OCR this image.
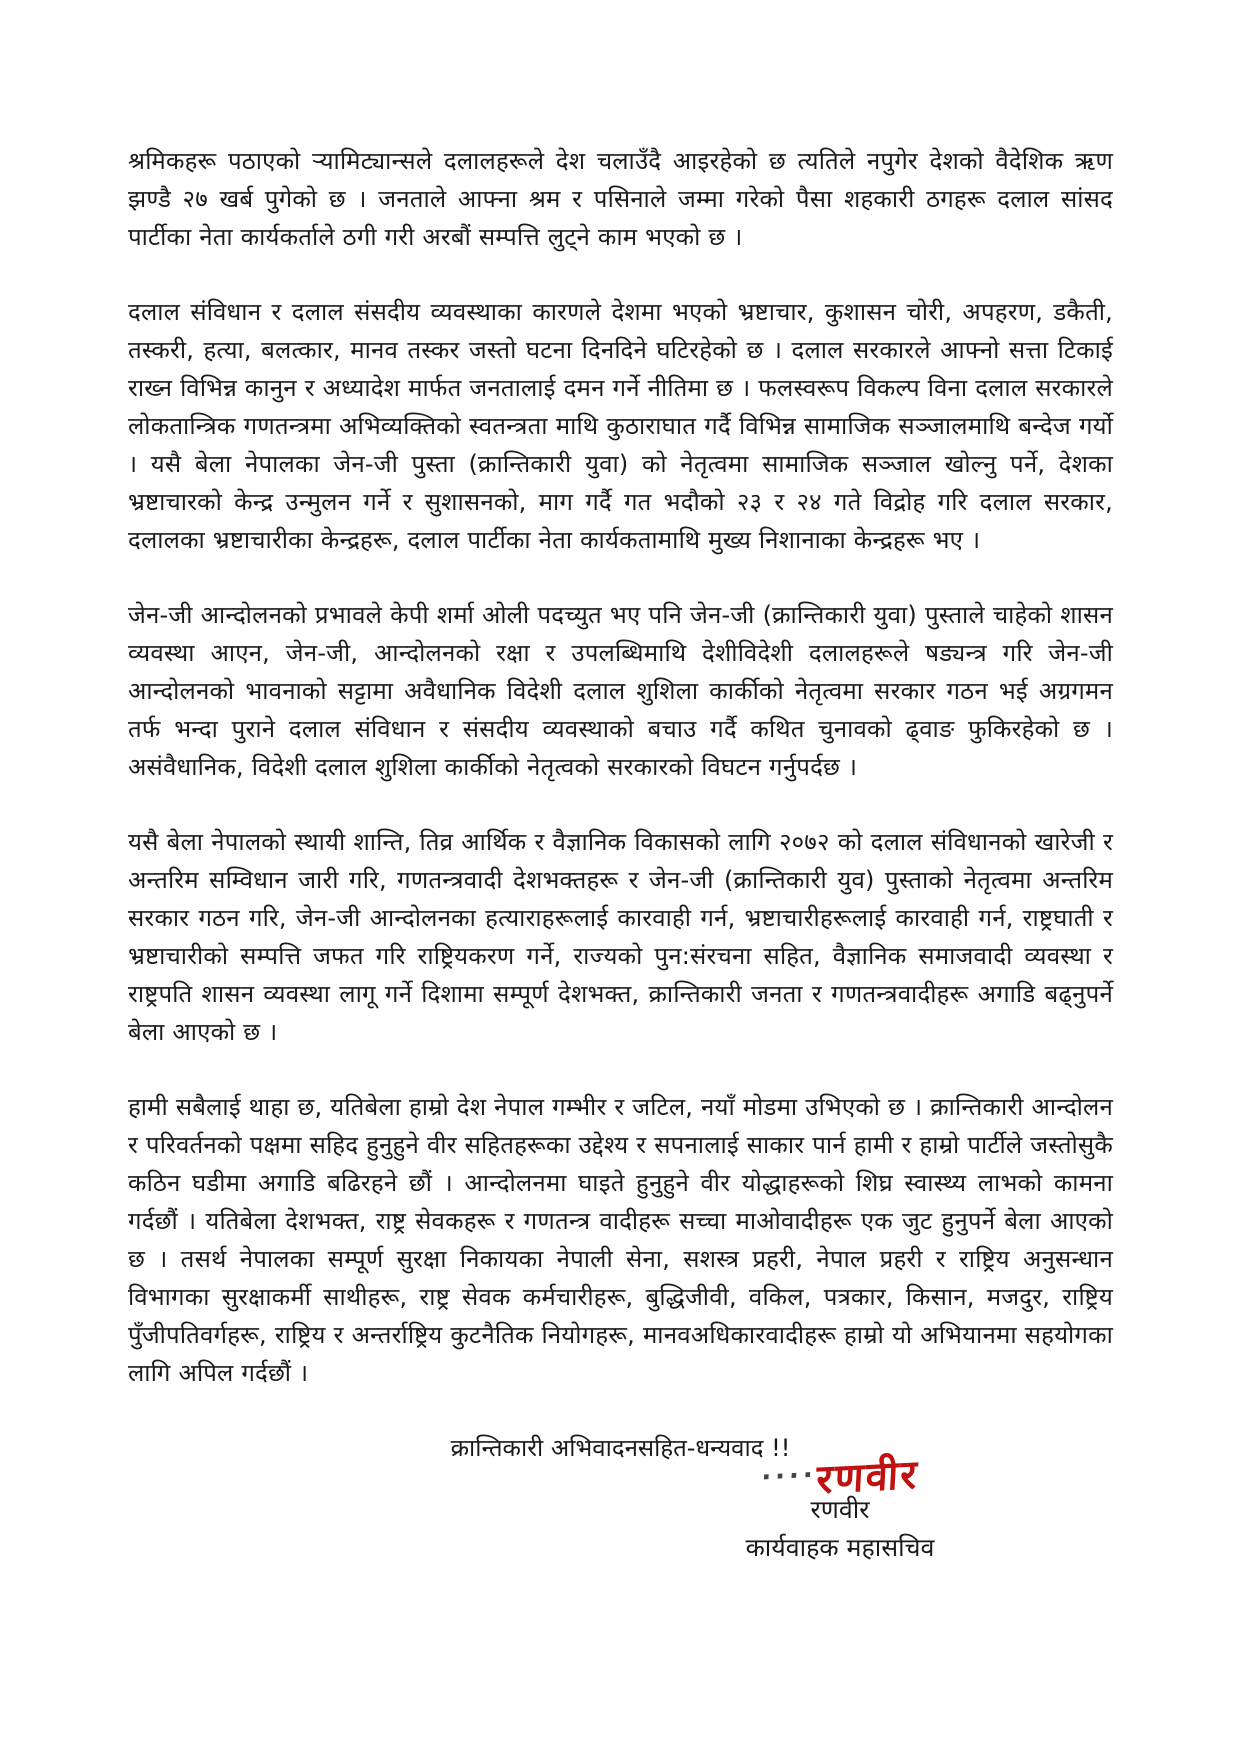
श्रमिकहरू पठाएको र्‍यामिट्यान्सले दलालहरूले देश चलाउँदै आइरहेको छ त्यतिले नपुगेर देशको वैदेशिक ऋण झण्डै २७ खर्ब पुगेको छ । जनताले आफ्ना श्रम र पसिनाले जम्मा गरेको पैसा शहकारी ठगहरू दलाल सांसद पार्टीका नेता कार्यकर्ताले ठगी गरी अरबौं सम्पत्ति लुट्ने काम भएको छ ।

दलाल संविधान र दलाल संसदीय व्यवस्थाका कारणले देशमा भएको भ्रष्टाचार, कुशासन चोरी, अपहरण, डकैती, तस्करी, हत्या, बलत्कार, मानव तस्कर जस्तो घटना दिनदिने घटिरहेको छ । दलाल सरकारले आफ्नो सत्ता टिकाई राख्न विभिन्न कानुन र अध्यादेश मार्फत जनतालाई दमन गर्ने नीतिमा छ । फलस्वरूप विकल्प विना दलाल सरकारले लोकतान्त्रिक गणतन्त्रमा अभिव्यक्तिको स्वतन्त्रता माथि कुठाराघात गर्दै विभिन्न सामाजिक सञ्जालमाथि बन्देज गर्यो । यसै बेला नेपालका जेन-जी पुस्ता (क्रान्तिकारी युवा) को नेतृत्वमा सामाजिक सञ्जाल खोल्नु पर्ने, देशका भ्रष्टाचारको केन्द्र उन्मुलन गर्ने र सुशासनको, माग गर्दै गत भदौको २३ र २४ गते विद्रोह गरि दलाल सरकार, दलालका भ्रष्टाचारीका केन्द्रहरू, दलाल पार्टीका नेता कार्यकतामाथि मुख्य निशानाका केन्द्रहरू भए ।

जेन-जी आन्दोलनको प्रभावले केपी शर्मा ओली पदच्युत भए पनि जेन-जी (क्रान्तिकारी युवा) पुस्ताले चाहेको शासन व्यवस्था आएन, जेन-जी, आन्दोलनको रक्षा र उपलब्धिमाथि देशीविदेशी दलालहरूले षड्यन्त्र गरि जेन-जी आन्दोलनको भावनाको सट्टामा अवैधानिक विदेशी दलाल शुशिला कार्कीको नेतृत्वमा सरकार गठन भई अग्रगमन तर्फ भन्दा पुराने दलाल संविधान र संसदीय व्यवस्थाको बचाउ गर्दै कथित चुनावको ढ्वाङ फुकिरहेको छ । असंवैधानिक, विदेशी दलाल शुशिला कार्कीको नेतृत्वको सरकारको विघटन गर्नुपर्दछ ।

यसै बेला नेपालको स्थायी शान्ति, तिव्र आर्थिक र वैज्ञानिक विकासको लागि २०७२ को दलाल संविधानको खारेजी र अन्तरिम सम्विधान जारी गरि, गणतन्त्रवादी देशभक्तहरू र जेन-जी (क्रान्तिकारी युव) पुस्ताको नेतृत्वमा अन्तरिम सरकार गठन गरि, जेन-जी आन्दोलनका हत्याराहरूलाई कारवाही गर्न, भ्रष्टाचारीहरूलाई कारवाही गर्न, राष्ट्रघाती र भ्रष्टाचारीको सम्पत्ति जफत गरि राष्ट्रियकरण गर्ने, राज्यको पुन:संरचना सहित, वैज्ञानिक समाजवादी व्यवस्था र राष्ट्रपति शासन व्यवस्था लागू गर्ने दिशामा सम्पूर्ण देशभक्त, क्रान्तिकारी जनता र गणतन्त्रवादीहरू अगाडि बढ्नुपर्ने बेला आएको छ ।

हामी सबैलाई थाहा छ, यतिबेला हाम्रो देश नेपाल गम्भीर र जटिल, नयाँ मोडमा उभिएको छ । क्रान्तिकारी आन्दोलन र परिवर्तनको पक्षमा सहिद हुनुहुने वीर सहितहरूका उद्देश्य र सपनालाई साकार पार्न हामी र हाम्रो पार्टीले जस्तोसुकै कठिन घडीमा अगाडि बढिरहने छौं । आन्दोलनमा घाइते हुनुहुने वीर योद्धाहरूको शिघ्र स्वास्थ्य लाभको कामना गर्दछौं । यतिबेला देशभक्त, राष्ट्र सेवकहरू र गणतन्त्र वादीहरू सच्चा माओवादीहरू एक जुट हुनुपर्ने बेला आएको छ । तसर्थ नेपालका सम्पूर्ण सुरक्षा निकायका नेपाली सेना, सशस्त्र प्रहरी, नेपाल प्रहरी र राष्ट्रिय अनुसन्धान विभागका सुरक्षाकर्मी साथीहरू, राष्ट्र सेवक कर्मचारीहरू, बुद्धिजीवी, वकिल, पत्रकार, किसान, मजदुर, राष्ट्रिय पुँजीपतिवर्गहरू, राष्ट्रिय र अन्तर्राष्ट्रिय कुटनैतिक नियोगहरू, मानवअधिकारवादीहरू हाम्रो यो अभियानमा सहयोगका लागि अपिल गर्दछौं ।

क्रान्तिकारी अभिवादनसहित-धन्यवाद !!
····रणवीर
रणवीर
कार्यवाहक महासचिव
